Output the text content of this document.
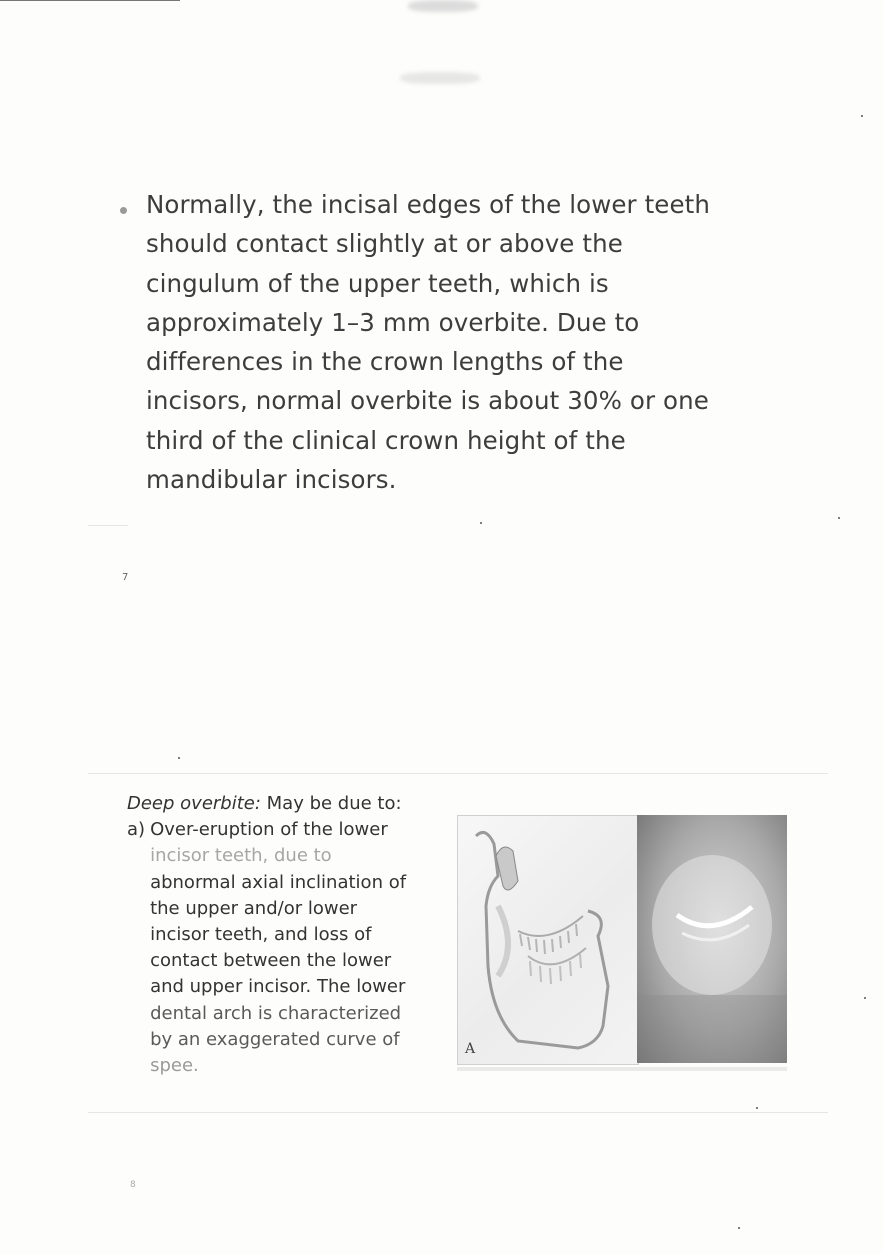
Normally, the incisal edges of the lower teeth
should contact slightly at or above the
cingulum of the upper teeth, which is
approximately 1–3 mm overbite. Due to
differences in the crown lengths of the
incisors, normal overbite is about 30% or one
third of the clinical crown height of the
mandibular incisors.
7
Deep overbite: May be due to:
a) Over-eruption of the lower
incisor teeth, due to
abnormal axial inclination of
the upper and/or lower
incisor teeth, and loss of
contact between the lower
and upper incisor. The lower
dental arch is characterized
by an exaggerated curve of
spee.
A
8
